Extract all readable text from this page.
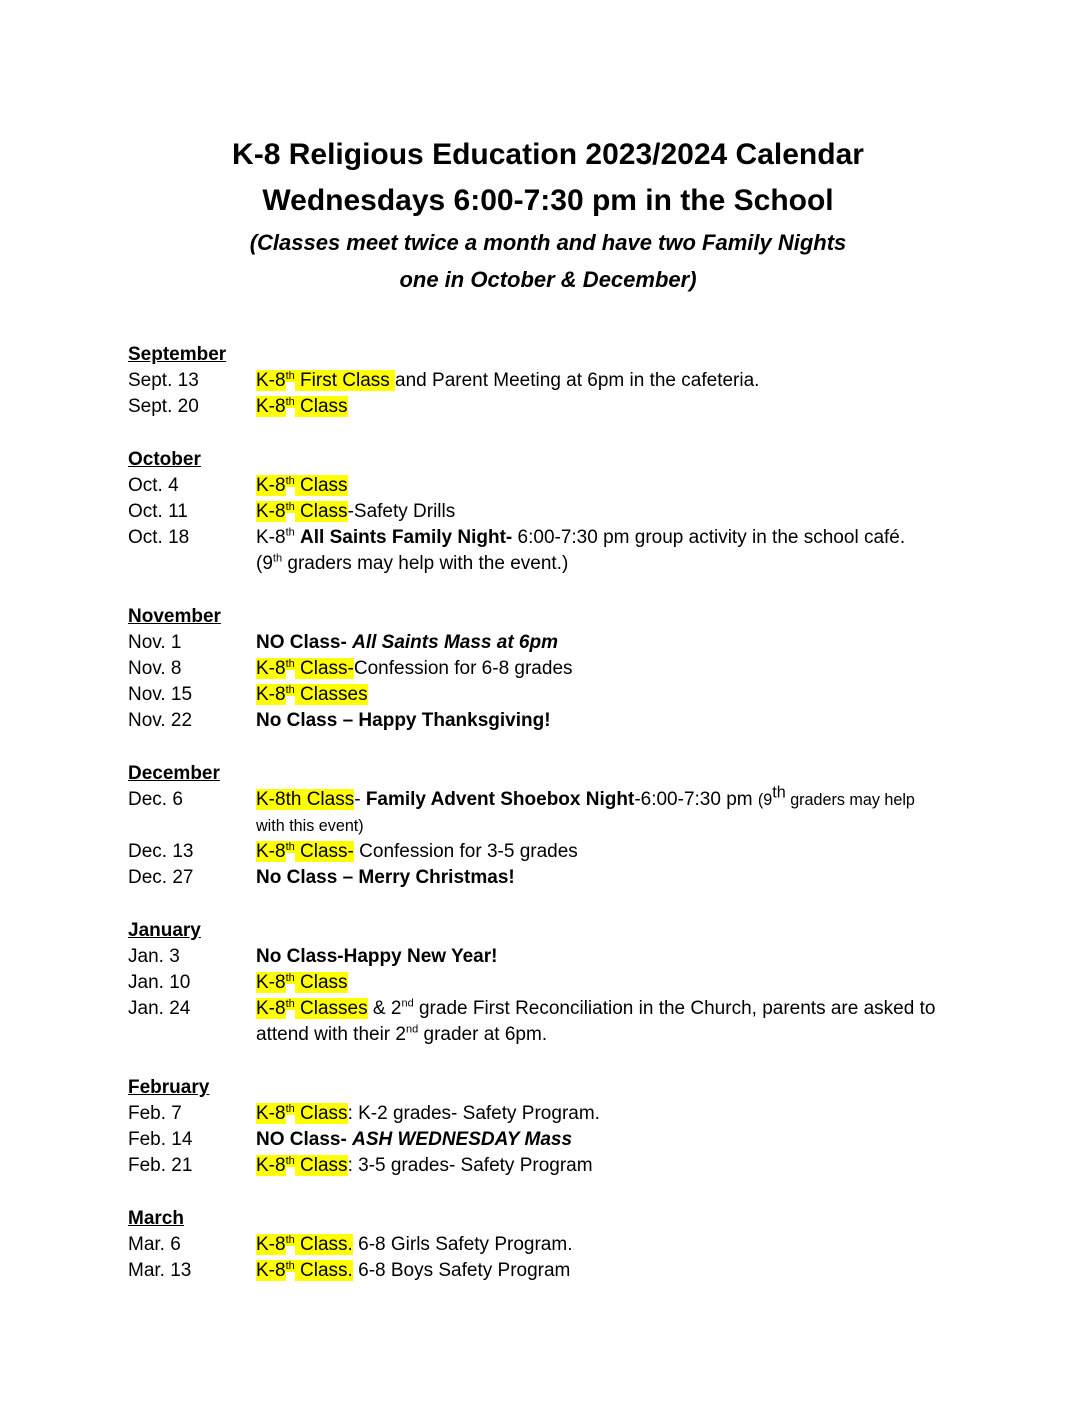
K-8 Religious Education 2023/2024 Calendar
Wednesdays 6:00-7:30 pm in the School
(Classes meet twice a month and have two Family Nights
one in October & December)
September
Sept. 13	K-8th First Class and Parent Meeting at 6pm in the cafeteria.
Sept. 20	K-8th Class
October
Oct. 4	K-8th Class
Oct. 11	K-8th Class-Safety Drills
Oct. 18	K-8th All Saints Family Night- 6:00-7:30 pm group activity in the school café.
(9th graders may help with the event.)
November
Nov. 1	NO Class- All Saints Mass at 6pm
Nov. 8	K-8th Class-Confession for 6-8 grades
Nov. 15	K-8th Classes
Nov. 22	No Class – Happy Thanksgiving!
December
Dec. 6	K-8th Class- Family Advent Shoebox Night-6:00-7:30 pm (9th graders may help
with this event)
Dec. 13	K-8th Class- Confession for 3-5 grades
Dec. 27	No Class – Merry Christmas!
January
Jan. 3	No Class-Happy New Year!
Jan. 10	K-8th Class
Jan. 24	K-8th Classes & 2nd grade First Reconciliation in the Church, parents are asked to
attend with their 2nd grader at 6pm.
February
Feb. 7	K-8th Class: K-2 grades- Safety Program.
Feb. 14	NO Class- ASH WEDNESDAY Mass
Feb. 21	K-8th Class: 3-5 grades- Safety Program
March
Mar. 6	K-8th Class. 6-8 Girls Safety Program.
Mar. 13	K-8th Class. 6-8 Boys Safety Program
